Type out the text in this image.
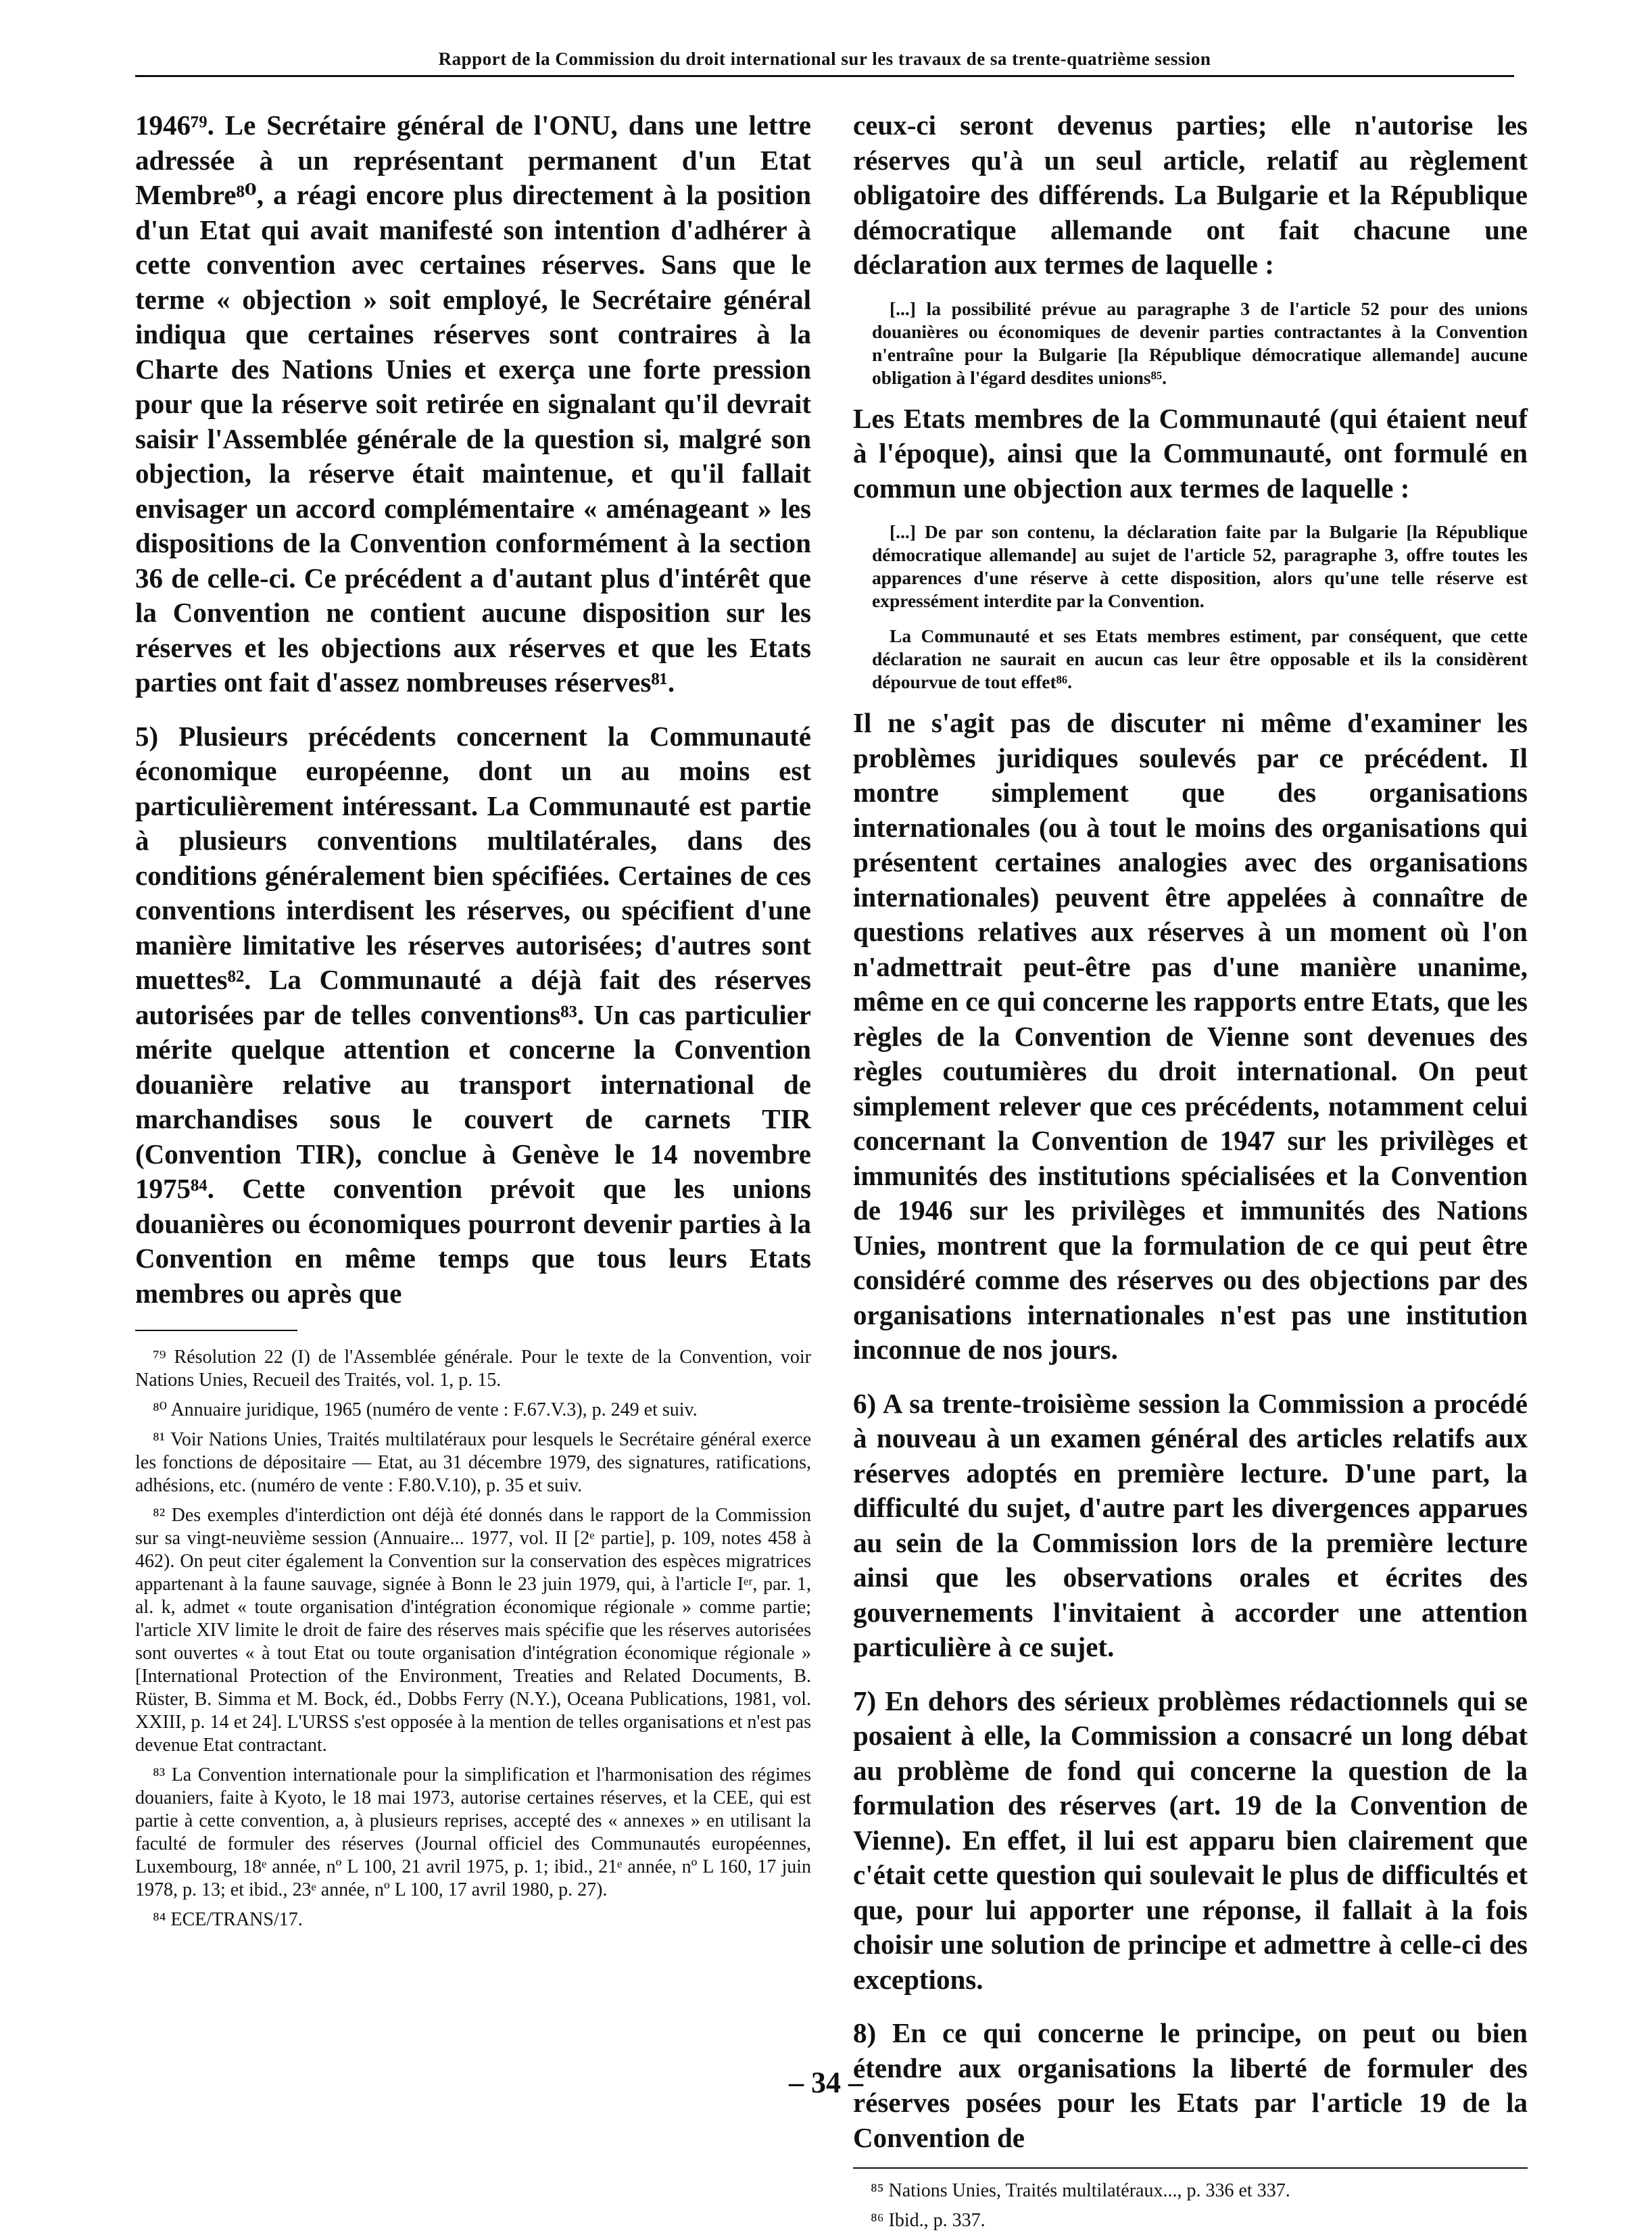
Rapport de la Commission du droit international sur les travaux de sa trente-quatrième session

1946⁷⁹. Le Secrétaire général de l'ONU, dans une lettre adressée à un représentant permanent d'un Etat Membre⁸⁰, a réagi encore plus directement à la position d'un Etat qui avait manifesté son intention d'adhérer à cette convention avec certaines réserves. Sans que le terme « objection » soit employé, le Secrétaire général indiqua que certaines réserves sont contraires à la Charte des Nations Unies et exerça une forte pression pour que la réserve soit retirée en signalant qu'il devrait saisir l'Assemblée générale de la question si, malgré son objection, la réserve était maintenue, et qu'il fallait envisager un accord complémentaire « aménageant » les dispositions de la Convention conformément à la section 36 de celle-ci. Ce précédent a d'autant plus d'intérêt que la Convention ne contient aucune disposition sur les réserves et les objections aux réserves et que les Etats parties ont fait d'assez nombreuses réserves⁸¹.

5) Plusieurs précédents concernent la Communauté économique européenne, dont un au moins est particulièrement intéressant. La Communauté est partie à plusieurs conventions multilatérales, dans des conditions généralement bien spécifiées. Certaines de ces conventions interdisent les réserves, ou spécifient d'une manière limitative les réserves autorisées; d'autres sont muettes⁸². La Communauté a déjà fait des réserves autorisées par de telles conventions⁸³. Un cas particulier mérite quelque attention et concerne la Convention douanière relative au transport international de marchandises sous le couvert de carnets TIR (Convention TIR), conclue à Genève le 14 novembre 1975⁸⁴. Cette convention prévoit que les unions douanières ou économiques pourront devenir parties à la Convention en même temps que tous leurs Etats membres ou après que

⁷⁹ Résolution 22 (I) de l'Assemblée générale. Pour le texte de la Convention, voir Nations Unies, Recueil des Traités, vol. 1, p. 15.

⁸⁰ Annuaire juridique, 1965 (numéro de vente : F.67.V.3), p. 249 et suiv.

⁸¹ Voir Nations Unies, Traités multilatéraux pour lesquels le Secrétaire général exerce les fonctions de dépositaire — Etat, au 31 décembre 1979, des signatures, ratifications, adhésions, etc. (numéro de vente : F.80.V.10), p. 35 et suiv.

⁸² Des exemples d'interdiction ont déjà été donnés dans le rapport de la Commission sur sa vingt-neuvième session (Annuaire... 1977, vol. II [2ᵉ partie], p. 109, notes 458 à 462). On peut citer également la Convention sur la conservation des espèces migratrices appartenant à la faune sauvage, signée à Bonn le 23 juin 1979, qui, à l'article Iᵉʳ, par. 1, al. k, admet « toute organisation d'intégration économique régionale » comme partie; l'article XIV limite le droit de faire des réserves mais spécifie que les réserves autorisées sont ouvertes « à tout Etat ou toute organisation d'intégration économique régionale » [International Protection of the Environment, Treaties and Related Documents, B. Rüster, B. Simma et M. Bock, éd., Dobbs Ferry (N.Y.), Oceana Publications, 1981, vol. XXIII, p. 14 et 24]. L'URSS s'est opposée à la mention de telles organisations et n'est pas devenue Etat contractant.

⁸³ La Convention internationale pour la simplification et l'harmonisation des régimes douaniers, faite à Kyoto, le 18 mai 1973, autorise certaines réserves, et la CEE, qui est partie à cette convention, a, à plusieurs reprises, accepté des « annexes » en utilisant la faculté de formuler des réserves (Journal officiel des Communautés européennes, Luxembourg, 18ᵉ année, nº L 100, 21 avril 1975, p. 1; ibid., 21ᵉ année, nº L 160, 17 juin 1978, p. 13; et ibid., 23ᵉ année, nº L 100, 17 avril 1980, p. 27).

⁸⁴ ECE/TRANS/17.

ceux-ci seront devenus parties; elle n'autorise les réserves qu'à un seul article, relatif au règlement obligatoire des différends. La Bulgarie et la République démocratique allemande ont fait chacune une déclaration aux termes de laquelle :

[...] la possibilité prévue au paragraphe 3 de l'article 52 pour des unions douanières ou économiques de devenir parties contractantes à la Convention n'entraîne pour la Bulgarie [la République démocratique allemande] aucune obligation à l'égard desdites unions⁸⁵.

Les Etats membres de la Communauté (qui étaient neuf à l'époque), ainsi que la Communauté, ont formulé en commun une objection aux termes de laquelle :

[...] De par son contenu, la déclaration faite par la Bulgarie [la République démocratique allemande] au sujet de l'article 52, paragraphe 3, offre toutes les apparences d'une réserve à cette disposition, alors qu'une telle réserve est expressément interdite par la Convention.

La Communauté et ses Etats membres estiment, par conséquent, que cette déclaration ne saurait en aucun cas leur être opposable et ils la considèrent dépourvue de tout effet⁸⁶.

Il ne s'agit pas de discuter ni même d'examiner les problèmes juridiques soulevés par ce précédent. Il montre simplement que des organisations internationales (ou à tout le moins des organisations qui présentent certaines analogies avec des organisations internationales) peuvent être appelées à connaître de questions relatives aux réserves à un moment où l'on n'admettrait peut-être pas d'une manière unanime, même en ce qui concerne les rapports entre Etats, que les règles de la Convention de Vienne sont devenues des règles coutumières du droit international. On peut simplement relever que ces précédents, notamment celui concernant la Convention de 1947 sur les privilèges et immunités des institutions spécialisées et la Convention de 1946 sur les privilèges et immunités des Nations Unies, montrent que la formulation de ce qui peut être considéré comme des réserves ou des objections par des organisations internationales n'est pas une institution inconnue de nos jours.

6) A sa trente-troisième session la Commission a procédé à nouveau à un examen général des articles relatifs aux réserves adoptés en première lecture. D'une part, la difficulté du sujet, d'autre part les divergences apparues au sein de la Commission lors de la première lecture ainsi que les observations orales et écrites des gouvernements l'invitaient à accorder une attention particulière à ce sujet.

7) En dehors des sérieux problèmes rédactionnels qui se posaient à elle, la Commission a consacré un long débat au problème de fond qui concerne la question de la formulation des réserves (art. 19 de la Convention de Vienne). En effet, il lui est apparu bien clairement que c'était cette question qui soulevait le plus de difficultés et que, pour lui apporter une réponse, il fallait à la fois choisir une solution de principe et admettre à celle-ci des exceptions.

8) En ce qui concerne le principe, on peut ou bien étendre aux organisations la liberté de formuler des réserves posées pour les Etats par l'article 19 de la Convention de

⁸⁵ Nations Unies, Traités multilatéraux..., p. 336 et 337.

⁸⁶ Ibid., p. 337.

– 34 –
